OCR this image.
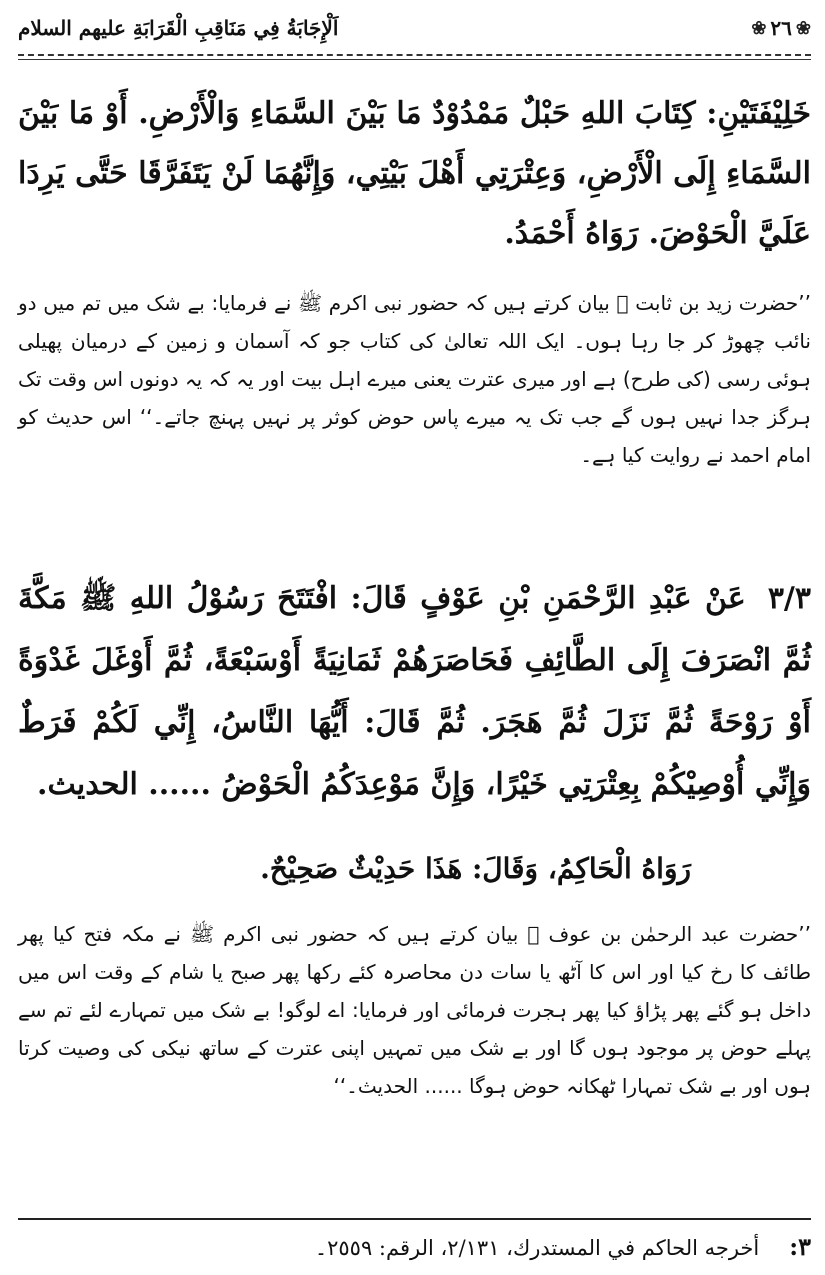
❀
٢٦
❀
اَلْإِجَابَةُ فِي مَنَاقِبِ الْقَرَابَةِ علیهم السلام

خَلِيْفَتَيْنِ: كِتَابَ اللهِ حَبْلٌ مَمْدُوْدٌ مَا بَيْنَ السَّمَاءِ وَالْأَرْضِ. أَوْ مَا بَيْنَ السَّمَاءِ إِلَى الْأَرْضِ، وَعِتْرَتِي أَهْلَ بَيْتِي، وَإِنَّهُمَا لَنْ يَتَفَرَّقَا حَتَّى يَرِدَا عَلَيَّ الْحَوْضَ. رَوَاهُ أَحْمَدُ.

’’حضرت زید بن ثابت ﷜ بیان کرتے ہیں کہ حضور نبی اکرم ﷺ نے فرمایا: بے شک میں تم میں دو نائب چھوڑ کر جا رہا ہوں۔ ایک اللہ تعالیٰ کی کتاب جو کہ آسمان و زمین کے درمیان پھیلی ہوئی رسی (کی طرح) ہے اور میری عترت یعنی میرے اہل بیت اور یہ کہ یہ دونوں اس وقت تک ہرگز جدا نہیں ہوں گے جب تک یہ میرے پاس حوض کوثر پر نہیں پہنچ جاتے۔‘‘ اس حدیث کو امام احمد نے روایت کیا ہے۔

٣/٣عَنْ عَبْدِ الرَّحْمَنِ بْنِ عَوْفٍ قَالَ: افْتَتَحَ رَسُوْلُ اللهِ ﷺ مَكَّةَ ثُمَّ انْصَرَفَ إِلَى الطَّائِفِ فَحَاصَرَهُمْ ثَمَانِيَةً أَوْسَبْعَةً، ثُمَّ أَوْغَلَ غَدْوَةً أَوْ رَوْحَةً ثُمَّ نَزَلَ ثُمَّ هَجَرَ. ثُمَّ قَالَ: أَيُّهَا النَّاسُ، إِنِّي لَكُمْ فَرَطٌ وَإِنِّي أُوْصِيْكُمْ بِعِتْرَتِي خَيْرًا، وَإِنَّ مَوْعِدَكُمُ الْحَوْضُ ...... الحديث.

رَوَاهُ الْحَاكِمُ، وَقَالَ: هَذَا حَدِيْثٌ صَحِيْحٌ.

’’حضرت عبد الرحمٰن بن عوف ﷜ بیان کرتے ہیں کہ حضور نبی اکرم ﷺ نے مکہ فتح کیا پھر طائف کا رخ کیا اور اس کا آٹھ یا سات دن محاصرہ کئے رکھا پھر صبح یا شام کے وقت اس میں داخل ہو گئے پھر پڑاؤ کیا پھر ہجرت فرمائی اور فرمایا: اے لوگو! بے شک میں تمہارے لئے تم سے پہلے حوض پر موجود ہوں گا اور بے شک میں تمہیں اپنی عترت کے ساتھ نیکی کی وصیت کرتا ہوں اور بے شک تمہارا ٹھکانہ حوض ہوگا ...... الحدیث۔‘‘

٣:
أخرجه الحاكم في المستدرك، ٢/١٣١، الرقم: ٢٥٥٩۔
